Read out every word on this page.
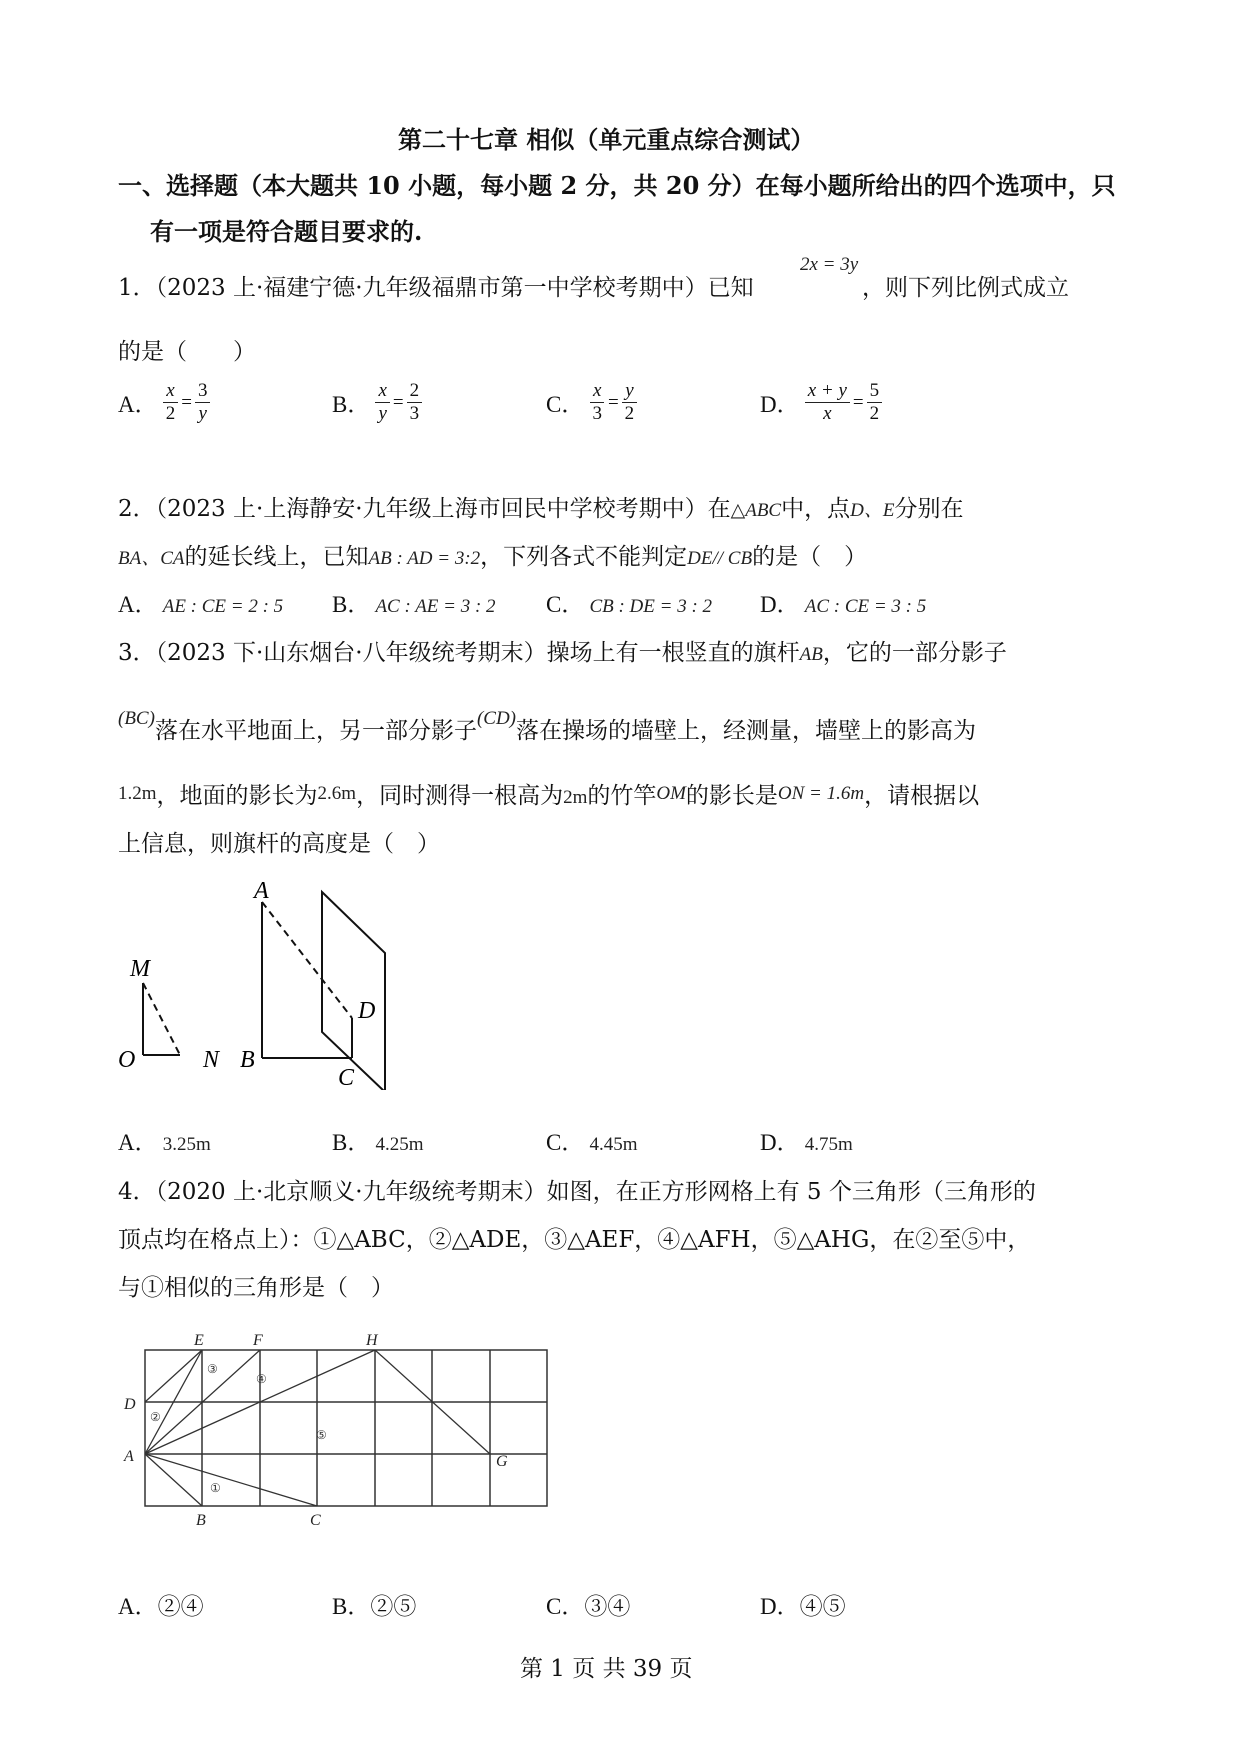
第二十七章 相似（单元重点综合测试）
一、选择题（本大题共 10 小题，每小题 2 分，共 20 分）在每小题所给出的四个选项中，只
有一项是符合题目要求的.
1．（2023 上·福建宁德·九年级福鼎市第一中学校考期中）已知
2x = 3y
，则下列比例式成立
的是（　　）
A． $\frac{x}{2} = \frac{3}{y}$	B． $\frac{x}{y} = \frac{2}{3}$	C． $\frac{x}{3} = \frac{y}{2}$	D． $\frac{x + y}{x} = \frac{5}{2}$
2．（2023 上·上海静安·九年级上海市回民中学校考期中）在△ABC中，点D、E分别在
BA、CA的延长线上，已知AB : AD = 3:2，下列各式不能判定DE// CB的是（　）
A． AE : CE = 2 : 5 B． AC : AE = 3 : 2 C． CB : DE = 3 : 2 D． AC : CE = 3 : 5
3．（2023 下·山东烟台·八年级统考期末）操场上有一根竖直的旗杆AB，它的一部分影子
$^{(BC)}$落在水平地面上，另一部分影子$^{(CD)}$落在操场的墙壁上，经测量，墙壁上的影高为
1.2m，地面的影长为2.6m，同时测得一根高为2m的竹竿OM的影长是ON = 1.6m，请根据以
上信息，则旗杆的高度是（　）
A
M
D
O	N B
C
A． 3.25m	B． 4.25m	C． 4.45m	D． 4.75m
4．（2020 上·北京顺义·九年级统考期末）如图，在正方形网格上有 5 个三角形（三角形的
顶点均在格点上）：①△ABC，②△ADE，③△AEF，④△AFH，⑤△AHG，在②至⑤中，
与①相似的三角形是（　）
E	F	H
D
A	G
B	C
①
②
③
④
⑤
A．②④	B．②⑤	C．③④	D．④⑤
第 1 页 共 39 页
